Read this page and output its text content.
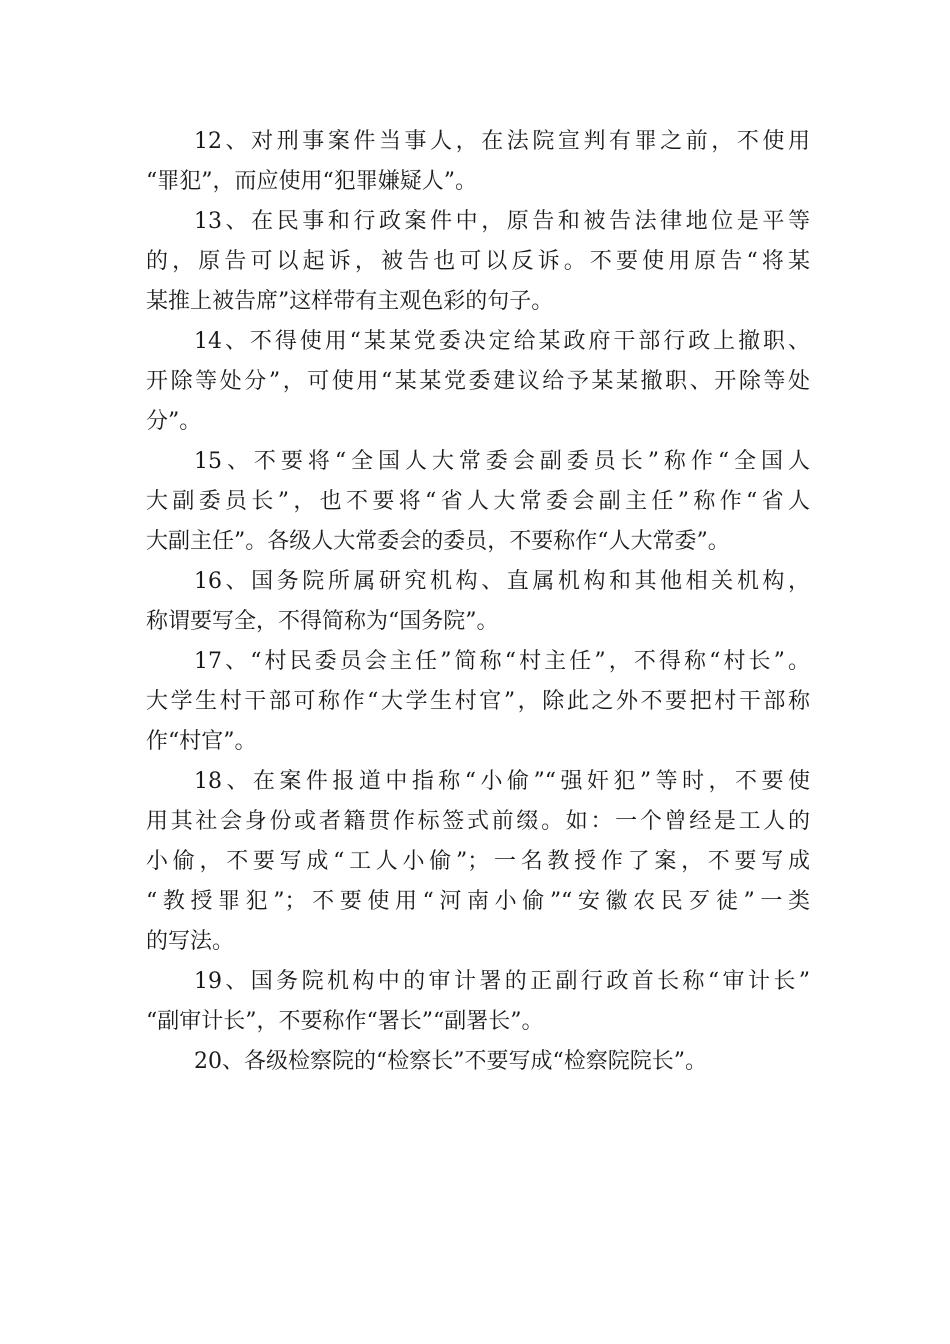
12、对刑事案件当事人，在法院宣判有罪之前，不使用
“罪犯”，而应使用“犯罪嫌疑人”。
13、在民事和行政案件中，原告和被告法律地位是平等
的，原告可以起诉，被告也可以反诉。不要使用原告“将某
某推上被告席”这样带有主观色彩的句子。
14、不得使用“某某党委决定给某政府干部行政上撤职、
开除等处分”，可使用“某某党委建议给予某某撤职、开除等处
分”。
15、不要将“全国人大常委会副委员长”称作“全国人
大副委员长”，也不要将“省人大常委会副主任”称作“省人
大副主任”。各级人大常委会的委员，不要称作“人大常委”。
16、国务院所属研究机构、直属机构和其他相关机构，
称谓要写全，不得简称为“国务院”。
17、“村民委员会主任”简称“村主任”，不得称“村长”。
大学生村干部可称作“大学生村官”，除此之外不要把村干部称
作“村官”。
18、在案件报道中指称“小偷”“强奸犯”等时，不要使
用其社会身份或者籍贯作标签式前缀。如：一个曾经是工人的
小偷，不要写成“工人小偷”；一名教授作了案，不要写成
“教授罪犯”；不要使用“河南小偷”“安徽农民歹徒”一类
的写法。
19、国务院机构中的审计署的正副行政首长称“审计长”
“副审计长”，不要称作“署长”“副署长”。
20、各级检察院的“检察长”不要写成“检察院院长”。
